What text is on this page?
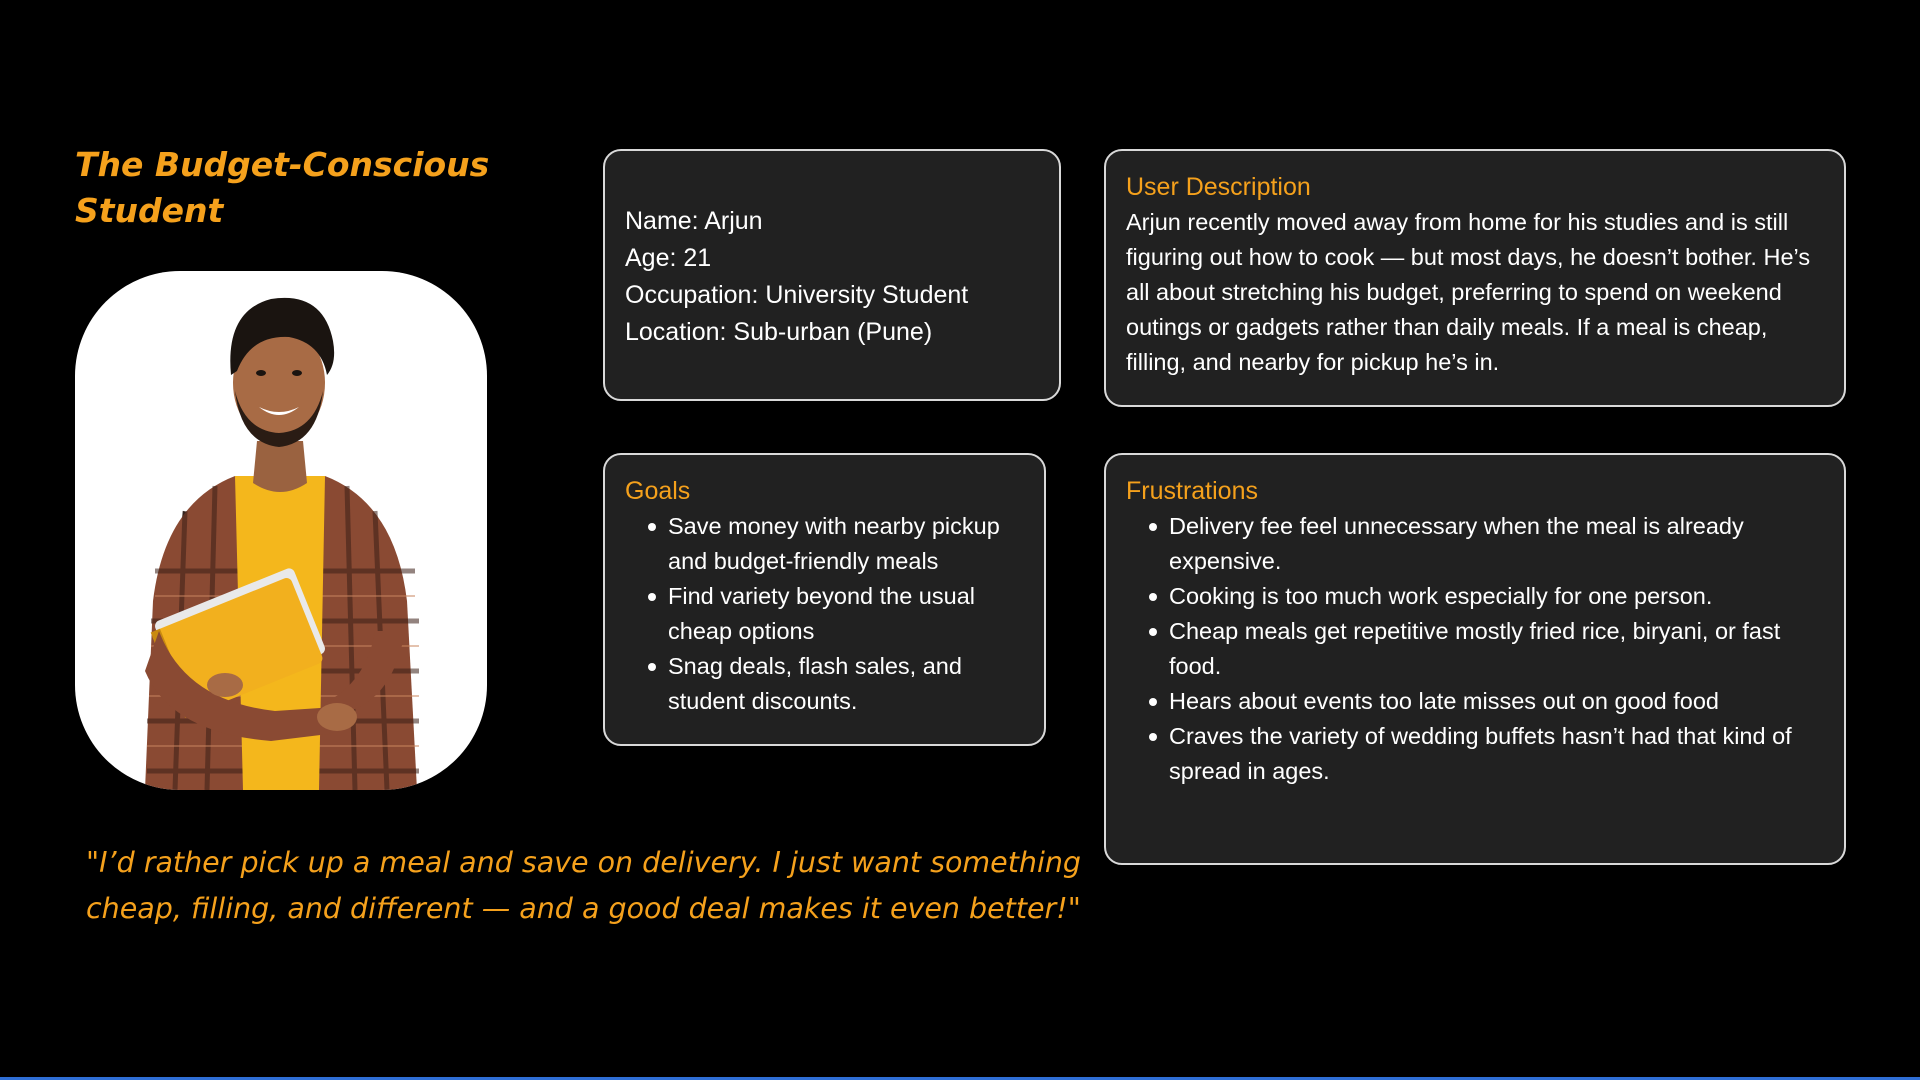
The Budget-Conscious Student	Name: Arjun
Age: 21
Occupation: University Student
Location: Sub-urban (Pune)
User Description

Arjun recently moved away from home for his studies and is still figuring out how to cook — but most days, he doesn’t bother. He’s all about stretching his budget, preferring to spend on weekend outings or gadgets rather than daily meals. If a meal is cheap, filling, and nearby for pickup he’s in.

Goals
Save money with nearby pickup and budget-friendly meals
Find variety beyond the usual cheap options
Snag deals, flash sales, and student discounts.
Frustrations
Delivery fee feel unnecessary when the meal is already expensive.
Cooking is too much work especially for one person.
Cheap meals get repetitive mostly fried rice, biryani, or fast food.
Hears about events too late misses out on good food
Craves the variety of wedding buffets hasn’t had that kind of spread in ages.

"I’d rather pick up a meal and save on delivery. I just want something cheap, filling, and different — and a good deal makes it even better!"
